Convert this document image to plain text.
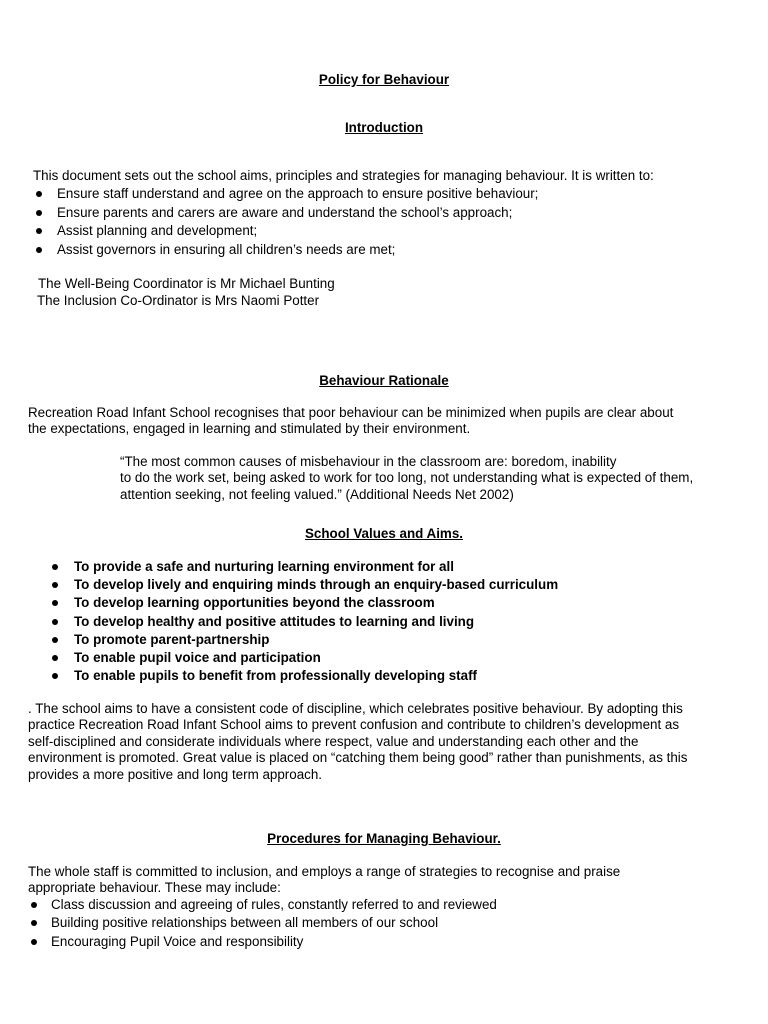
Policy for Behaviour
Introduction
This document sets out the school aims, principles and strategies for managing behaviour. It is written to:
Ensure staff understand and agree on the approach to ensure positive behaviour;
Ensure parents and carers are aware and understand the school’s approach;
Assist planning and development;
Assist governors in ensuring all children’s needs are met;
The Well-Being Coordinator is Mr Michael Bunting
The Inclusion Co-Ordinator is Mrs Naomi Potter
Behaviour Rationale
Recreation Road Infant School recognises that poor behaviour can be minimized when pupils are clear about
the expectations, engaged in learning and stimulated by their environment.
“The most common causes of misbehaviour in the classroom are: boredom, inability
to do the work set, being asked to work for too long, not understanding what is expected of them,
attention seeking, not feeling valued.” (Additional Needs Net 2002)
School Values and Aims.
To provide a safe and nurturing learning environment for all
To develop lively and enquiring minds through an enquiry-based curriculum
To develop learning opportunities beyond the classroom
To develop healthy and positive attitudes to learning and living
To promote parent-partnership
To enable pupil voice and participation
To enable pupils to benefit from professionally developing staff
. The school aims to have a consistent code of discipline, which celebrates positive behaviour. By adopting this
practice Recreation Road Infant School aims to prevent confusion and contribute to children’s development as
self-disciplined and considerate individuals where respect, value and understanding each other and the
environment is promoted. Great value is placed on “catching them being good” rather than punishments, as this
provides a more positive and long term approach.
Procedures for Managing Behaviour.
The whole staff is committed to inclusion, and employs a range of strategies to recognise and praise
appropriate behaviour. These may include:
Class discussion and agreeing of rules, constantly referred to and reviewed
Building positive relationships between all members of our school
Encouraging Pupil Voice and responsibility
